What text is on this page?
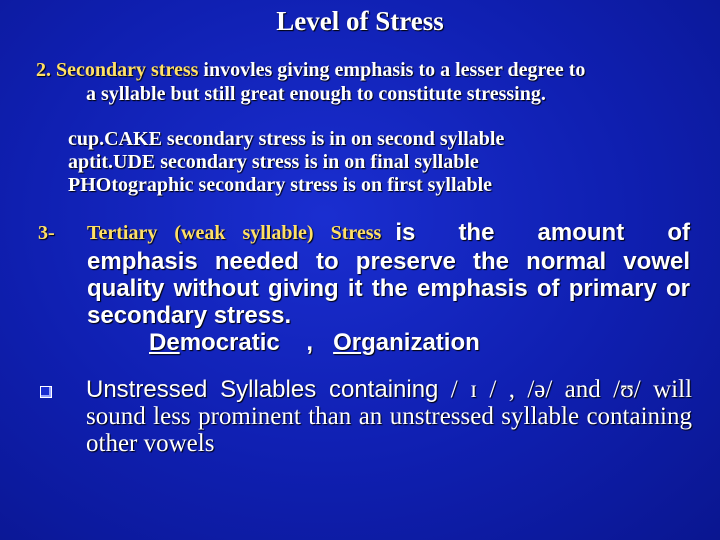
Level of Stress
2. Secondary stress invovles giving emphasis to a lesser degree to
a syllable but still great enough to constitute stressing.
cup.CAKE secondary stress is in on second syllable
aptit.UDE secondary stress is in on final syllable
PHOtographic secondary stress is on first syllable
3-	Tertiary (weak syllable) Stress is the amount of
emphasis needed to preserve the normal vowel quality without giving it the emphasis of primary or secondary stress.
Democratic , Organization
Unstressed Syllables containing / ɪ / , /ə/ and /ʊ/ will sound less prominent than an unstressed syllable containing other vowels
